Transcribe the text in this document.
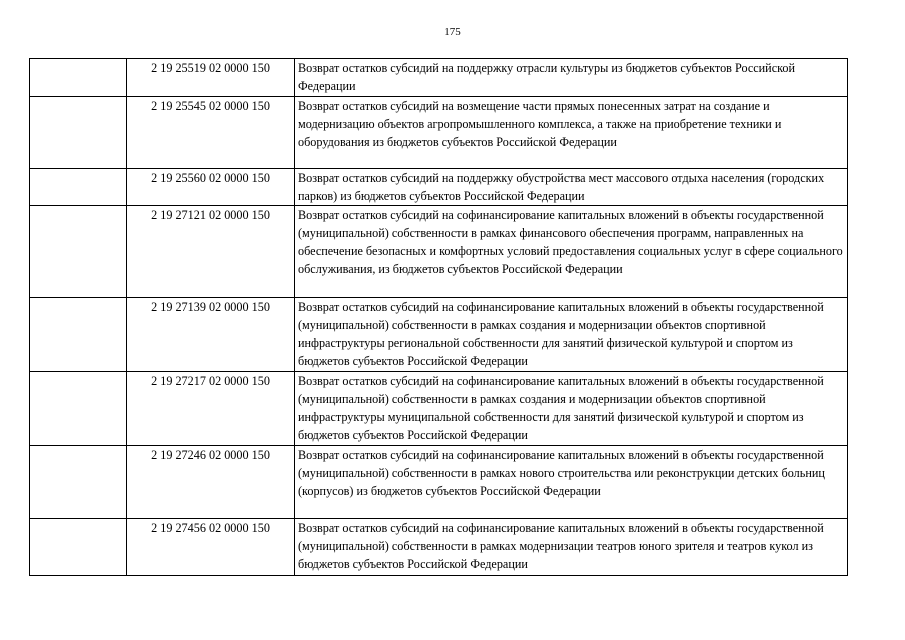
175
	2 19 25519 02 0000 150	Возврат остатков субсидий на поддержку отрасли культуры из бюджетов субъектов Российской Федерации
	2 19 25545 02 0000 150	Возврат остатков субсидий на возмещение части прямых понесенных затрат на создание и модернизацию объектов агропромышленного комплекса, а также на приобретение техники и оборудования из бюджетов субъектов Российской Федерации
	2 19 25560 02 0000 150	Возврат остатков субсидий на поддержку обустройства мест массового отдыха населения (городских парков) из бюджетов субъектов Российской Федерации
	2 19 27121 02 0000 150	Возврат остатков субсидий на софинансирование капитальных вложений в объекты государственной (муниципальной) собственности в рамках финансового обеспечения программ, направленных на обеспечение безопасных и комфортных условий предоставления социальных услуг в сфере социального обслуживания, из бюджетов субъектов Российской Федерации
	2 19 27139 02 0000 150	Возврат остатков субсидий на софинансирование капитальных вложений в объекты государственной (муниципальной) собственности в рамках создания и модернизации объектов спортивной инфраструктуры региональной собственности для занятий физической культурой и спортом из бюджетов субъектов Российской Федерации
	2 19 27217 02 0000 150	Возврат остатков субсидий на софинансирование капитальных вложений в объекты государственной (муниципальной) собственности в рамках создания и модернизации объектов спортивной инфраструктуры муниципальной собственности для занятий физической культурой и спортом из бюджетов субъектов Российской Федерации
	2 19 27246 02 0000 150	Возврат остатков субсидий на софинансирование капитальных вложений в объекты государственной (муниципальной) собственности в рамках нового строительства или реконструкции детских больниц (корпусов) из бюджетов субъектов Российской Федерации
	2 19 27456 02 0000 150	Возврат остатков субсидий на софинансирование капитальных вложений в объекты государственной (муниципальной) собственности в рамках модернизации театров юного зрителя и театров кукол из бюджетов субъектов Российской Федерации
